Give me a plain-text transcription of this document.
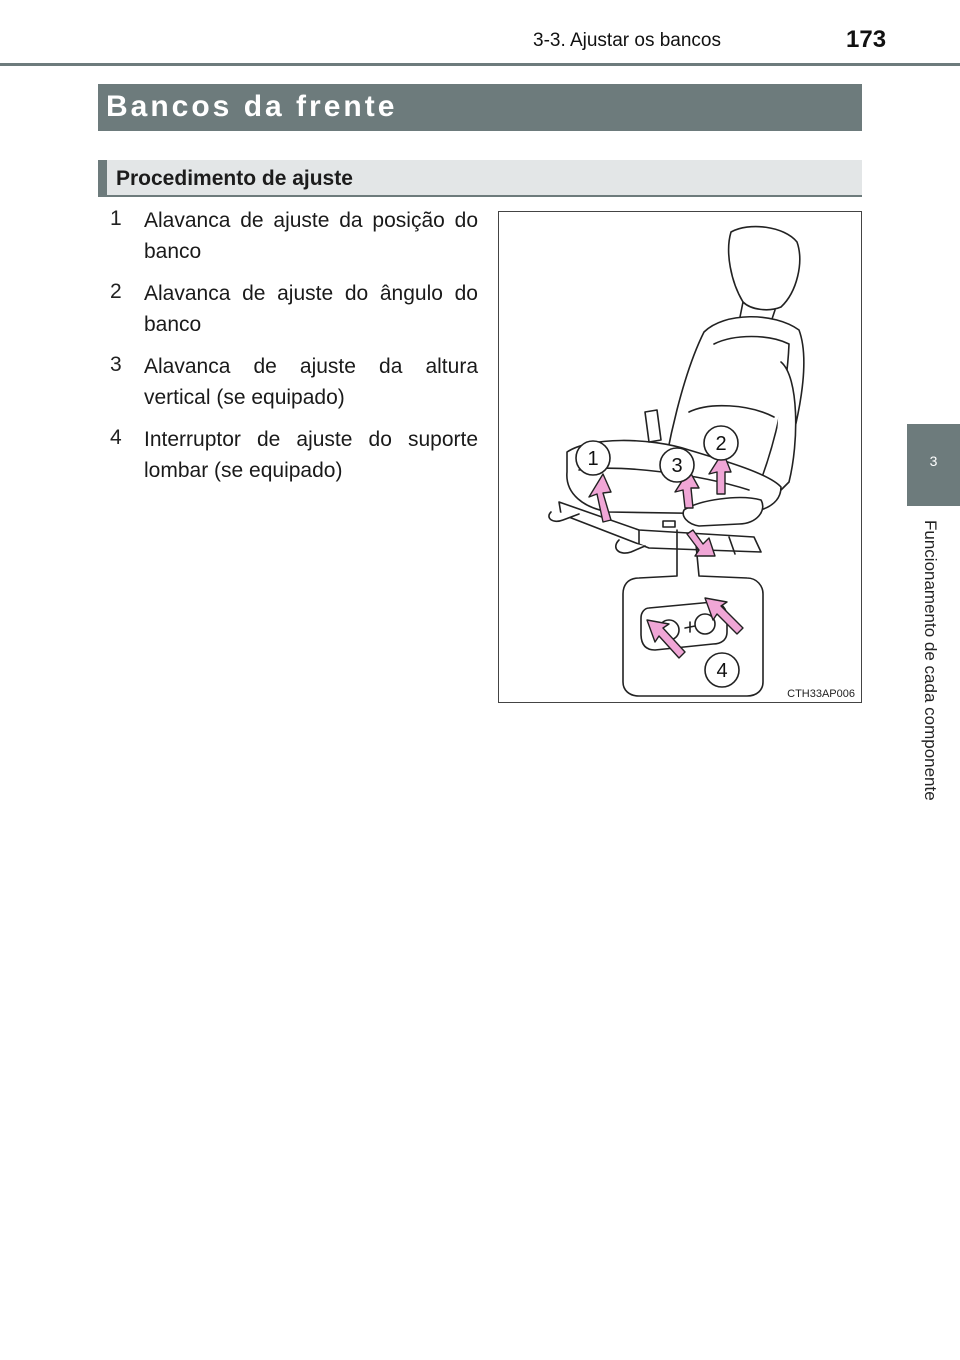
3-3. Ajustar os bancos	173
3
Funcionamento de cada componente
Bancos da frente
Procedimento de ajuste
1 Alavanca de ajuste da posição do banco
2 Alavanca de ajuste do ângulo do banco
3 Alavanca de ajuste da altura vertical (se equipado)
4 Interruptor de ajuste do suporte lombar (se equipado)	1
2
3
4
CTH33AP006
